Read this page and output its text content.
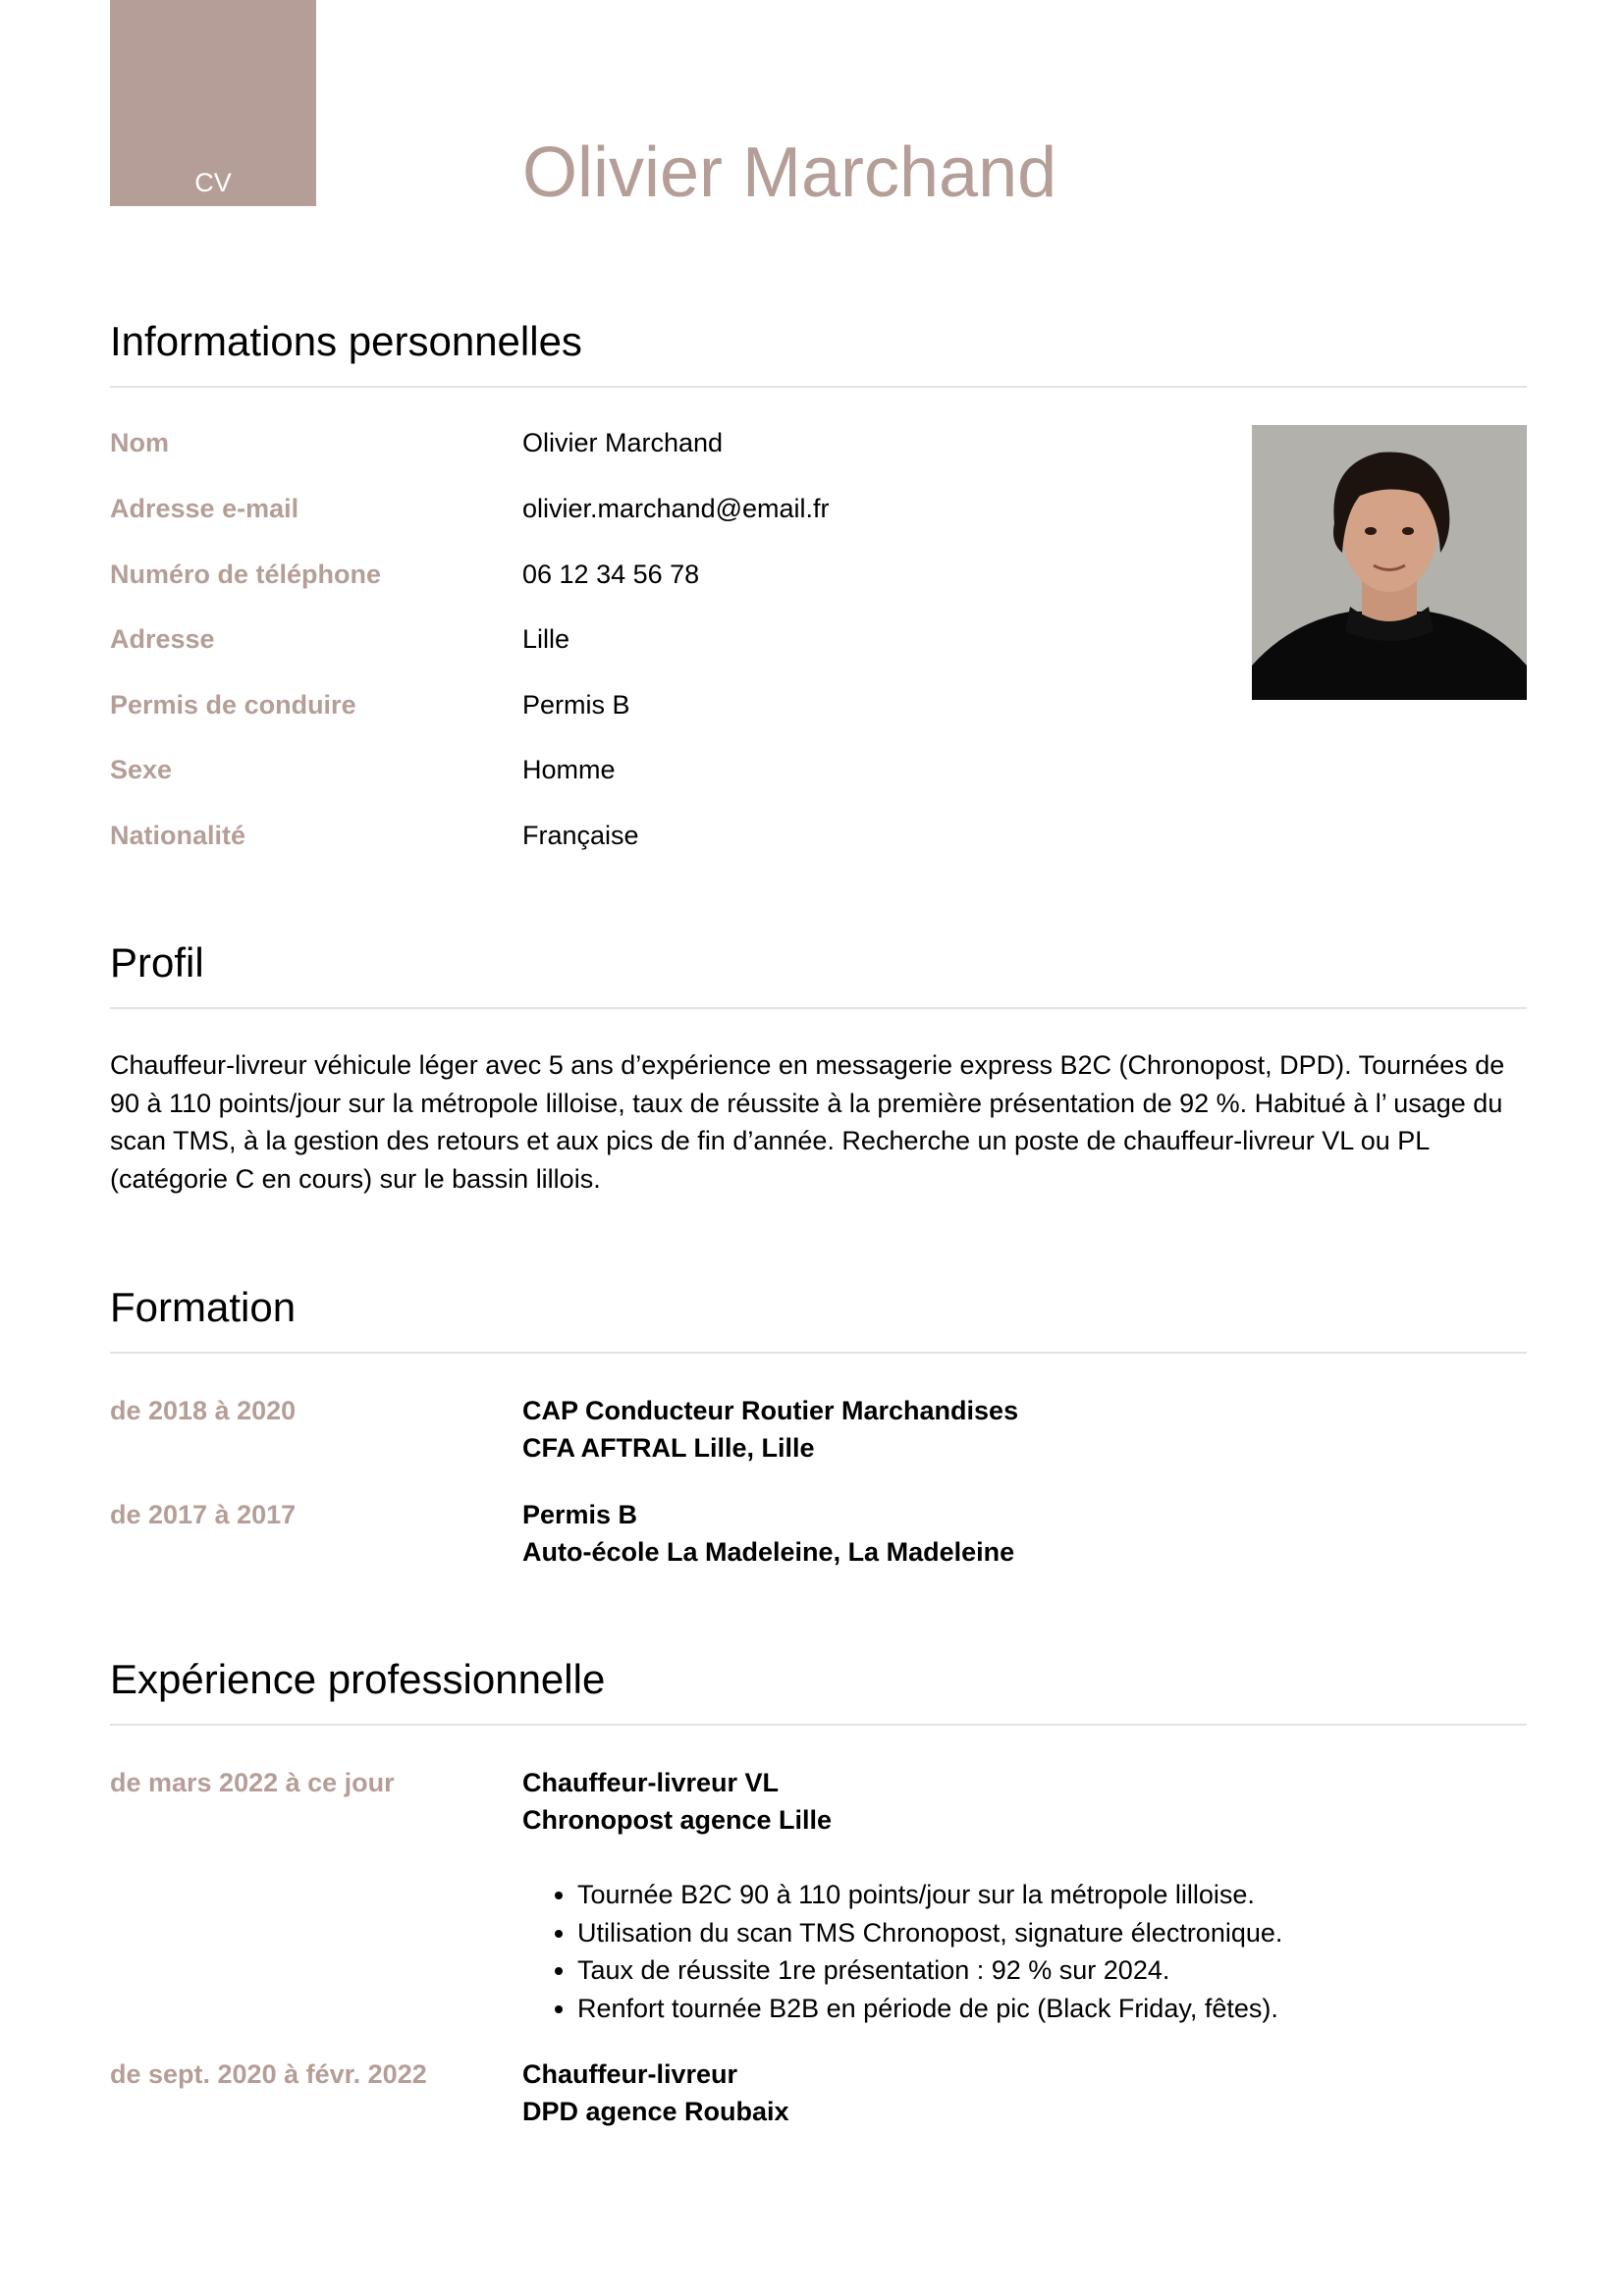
CV	Olivier Marchand
Informations personnelles
Nom	Olivier Marchand
Adresse e-mail	olivier.marchand@email.fr
Numéro de téléphone	06 12 34 56 78
Adresse	Lille
Permis de conduire	Permis B
Sexe	Homme
Nationalité	Française
Profil

Chauffeur-livreur véhicule léger avec 5 ans d’expérience en messagerie express B2C (Chronopost, DPD). Tournées de 90 à 110 points/jour sur la métropole lilloise, taux de réussite à la première présentation de 92 %. Habitué à l’ usage du scan TMS, à la gestion des retours et aux pics de fin d’année. Recherche un poste de chauffeur-livreur VL ou PL (catégorie C en cours) sur le bassin lillois.

Formation
de 2018 à 2020	CAP Conducteur Routier Marchandises
CFA AFTRAL Lille, Lille
de 2017 à 2017	Permis B
Auto-école La Madeleine, La Madeleine
Expérience professionnelle
de mars 2022 à ce jour	Chauffeur-livreur VL
Chronopost agence Lille
• Tournée B2C 90 à 110 points/jour sur la métropole lilloise.
• Utilisation du scan TMS Chronopost, signature électronique.
• Taux de réussite 1re présentation : 92 % sur 2024.
• Renfort tournée B2B en période de pic (Black Friday, fêtes).
de sept. 2020 à févr. 2022	Chauffeur-livreur
DPD agence Roubaix
